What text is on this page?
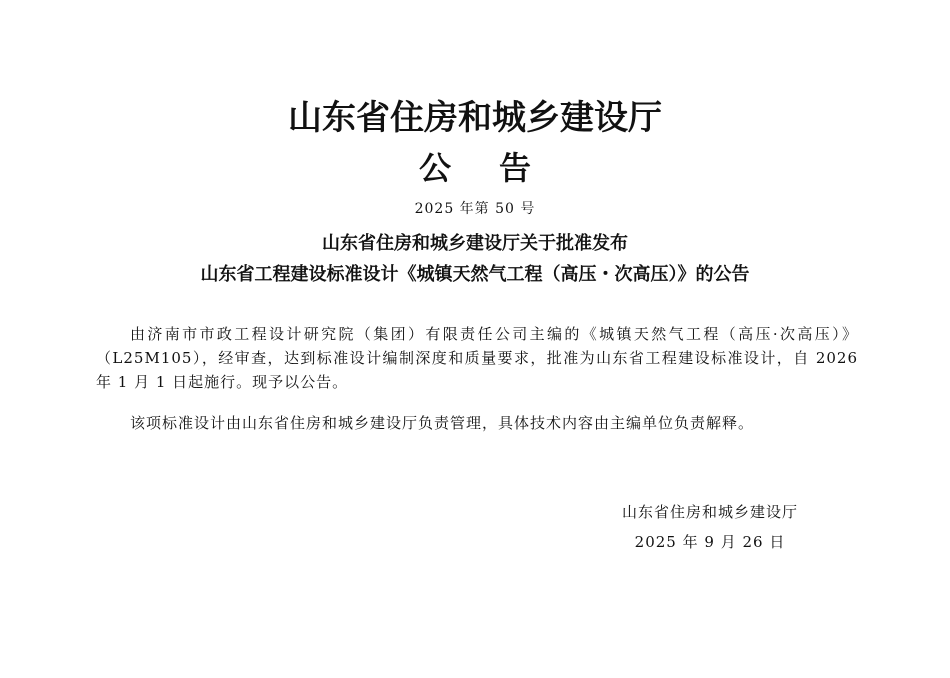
山东省住房和城乡建设厅
公告
2025 年第 50 号
山东省住房和城乡建设厅关于批准发布
山东省工程建设标准设计《城镇天然气工程（高压・次高压）》的公告
由济南市市政工程设计研究院（集团）有限责任公司主编的《城镇天然气工程（高压·次高压）》
（L25M105），经审查，达到标准设计编制深度和质量要求，批准为山东省工程建设标准设计，自 2026
年 1 月 1 日起施行。现予以公告。
该项标准设计由山东省住房和城乡建设厅负责管理，具体技术内容由主编单位负责解释。
山东省住房和城乡建设厅
2025 年 9 月 26 日
